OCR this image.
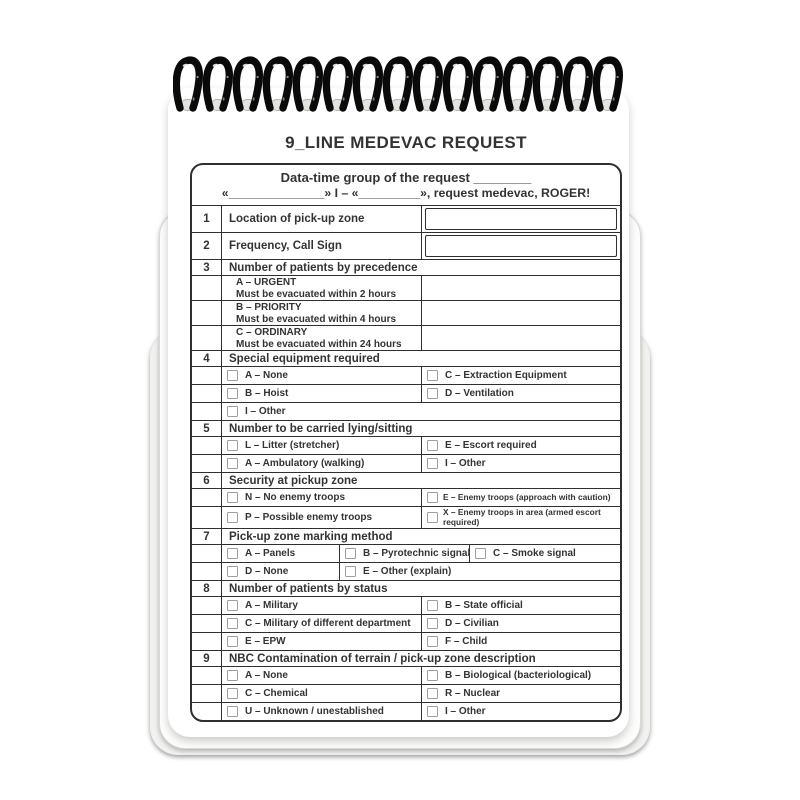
9_LINE MEDEVAC REQUEST
Data-time group of the request ________
«______________» I – «_________», request medevac, ROGER!
1	Location of pick-up zone
2	Frequency, Call Sign
3	Number of patients by precedence
A – URGENT
Must be evacuated within 2 hours
B – PRIORITY
Must be evacuated within 4 hours
C – ORDINARY
Must be evacuated within 24 hours
4	Special equipment required
A – None	C – Extraction Equipment
B – Hoist	D – Ventilation
I – Other
5	Number to be carried lying/sitting
L – Litter (stretcher)	E – Escort required
A – Ambulatory (walking)	I – Other
6	Security at pickup zone
N – No enemy troops	E – Enemy troops (approach with caution)
P – Possible enemy troops	X – Enemy troops in area (armed escort required)
7	Pick-up zone marking method
A – Panels	B – Pyrotechnic signal C – Smoke signal
D – None	E – Other (explain)
8	Number of patients by status
A – Military	B – State official
C – Military of different department	D – Civilian
E – EPW	F – Child
9	NBC Contamination of terrain / pick-up zone description
A – None	B – Biological (bacteriological)
C – Chemical	R – Nuclear
U – Unknown / unestablished	I – Other
